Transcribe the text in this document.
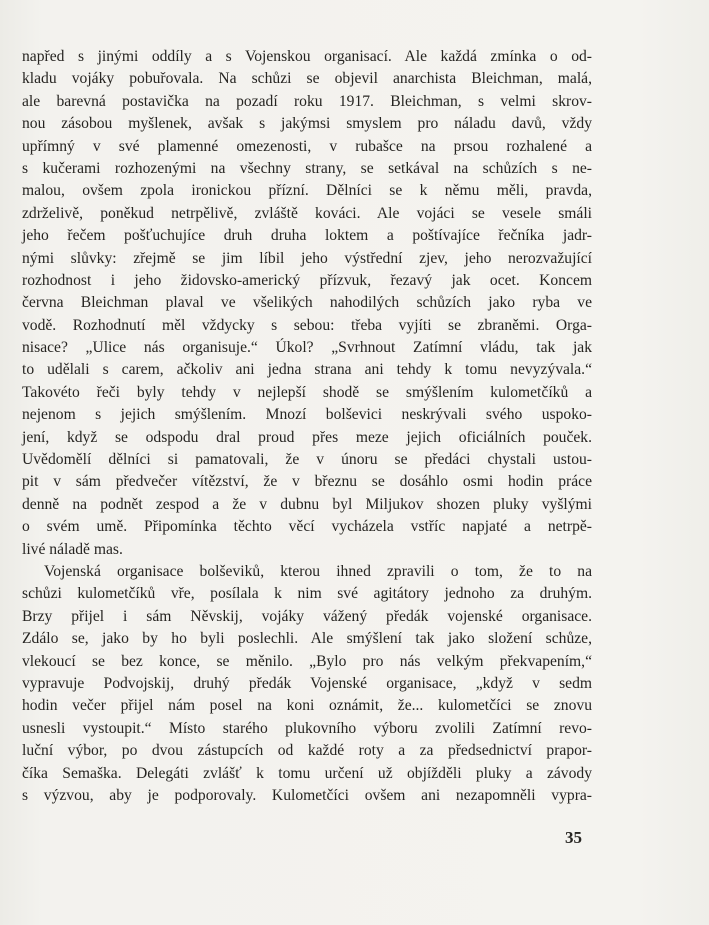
napřed s jinými oddíly a s Vojenskou organisací. Ale každá zmínka o od-
kladu vojáky pobuřovala. Na schůzi se objevil anarchista Bleichman, malá,
ale barevná postavička na pozadí roku 1917. Bleichman, s velmi skrov-
nou zásobou myšlenek, avšak s jakýmsi smyslem pro náladu davů, vždy
upřímný v své plamenné omezenosti, v rubašce na prsou rozhalené a
s kučerami rozhozenými na všechny strany, se setkával na schůzích s ne-
malou, ovšem zpola ironickou přízní. Dělníci se k němu měli, pravda,
zdrželivě, poněkud netrpělivě, zvláště kováci. Ale vojáci se vesele smáli
jeho řečem pošťuchujíce druh druha loktem a poštívajíce řečníka jadr-
nými slůvky: zřejmě se jim líbil jeho výstřední zjev, jeho nerozvažující
rozhodnost i jeho židovsko-americký přízvuk, řezavý jak ocet. Koncem
června Bleichman plaval ve všelikých nahodilých schůzích jako ryba ve
vodě. Rozhodnutí měl vždycky s sebou: třeba vyjíti se zbraněmi. Orga-
nisace? „Ulice nás organisuje.“ Úkol? „Svrhnout Zatímní vládu, tak jak
to udělali s carem, ačkoliv ani jedna strana ani tehdy k tomu nevyzývala.“
Takovéto řeči byly tehdy v nejlepší shodě se smýšlením kulometčíků a
nejenom s jejich smýšlením. Mnozí bolševici neskrývali svého uspoko-
jení, když se odspodu dral proud přes meze jejich oficiálních pouček.
Uvědomělí dělníci si pamatovali, že v únoru se předáci chystali ustou-
pit v sám předvečer vítězství, že v březnu se dosáhlo osmi hodin práce
denně na podnět zespod a že v dubnu byl Miljukov shozen pluky vyšlými
o svém umě. Připomínka těchto věcí vycházela vstříc napjaté a netrpě-
livé náladě mas.
Vojenská organisace bolševiků, kterou ihned zpravili o tom, že to na
schůzi kulometčíků vře, posílala k nim své agitátory jednoho za druhým.
Brzy přijel i sám Něvskij, vojáky vážený předák vojenské organisace.
Zdálo se, jako by ho byli poslechli. Ale smýšlení tak jako složení schůze,
vlekoucí se bez konce, se měnilo. „Bylo pro nás velkým překvapením,“
vypravuje Podvojskij, druhý předák Vojenské organisace, „když v sedm
hodin večer přijel nám posel na koni oznámit, že... kulometčíci se znovu
usnesli vystoupit.“ Místo starého plukovního výboru zvolili Zatímní revo-
luční výbor, po dvou zástupcích od každé roty a za předsednictví prapor-
číka Semaška. Delegáti zvlášť k tomu určení už objížděli pluky a závody
s výzvou, aby je podporovaly. Kulometčíci ovšem ani nezapomněli vypra-
35
